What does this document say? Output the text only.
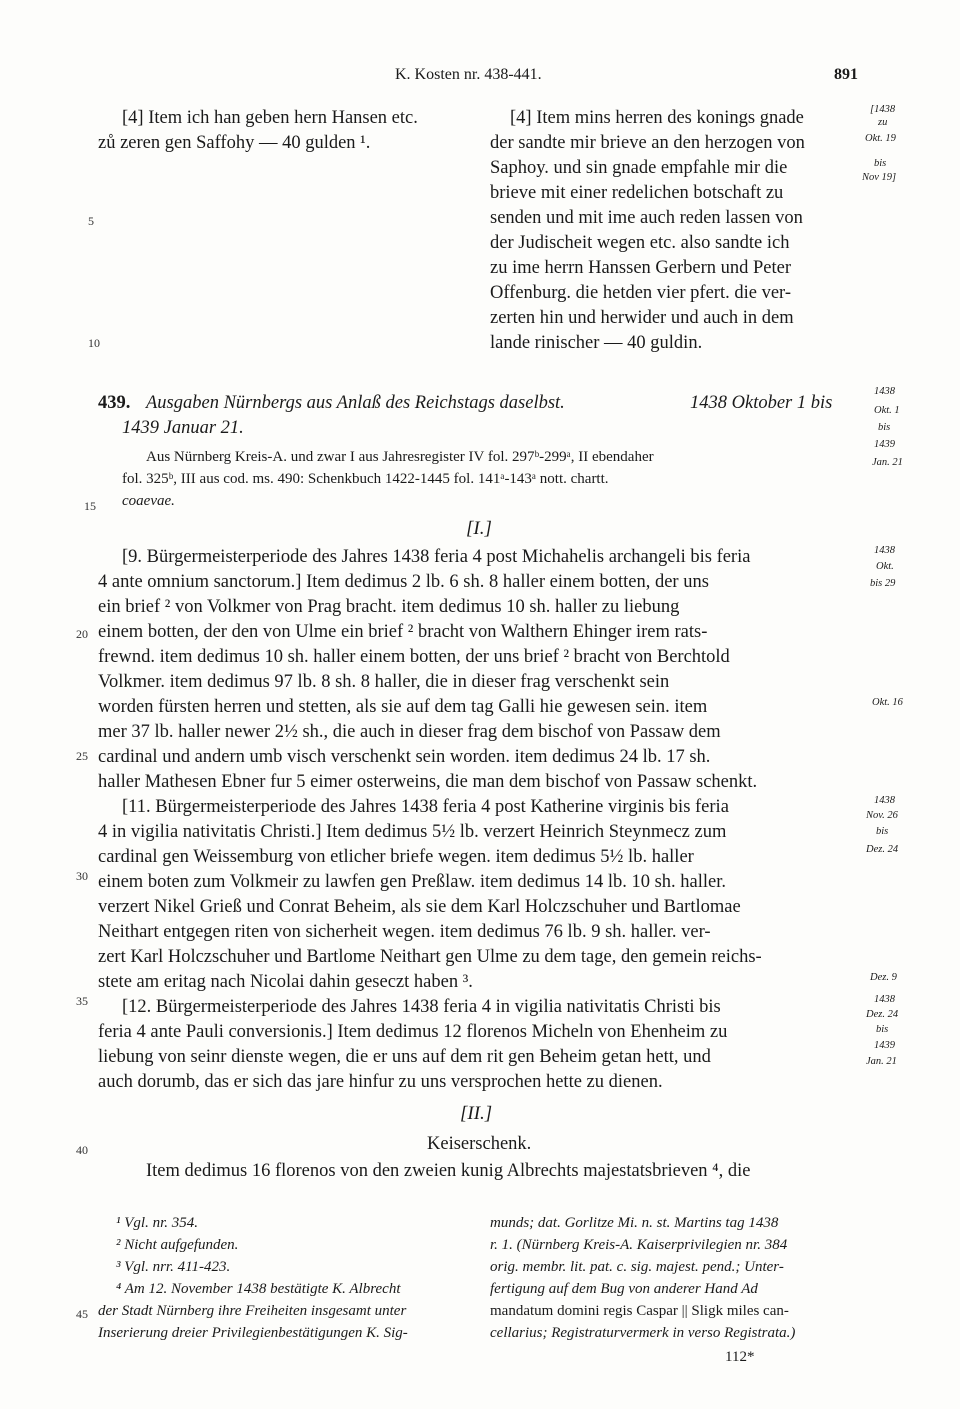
K. Kosten nr. 438-441.	891
5
10
15
20
25
30
35
40
45
[4] Item ich han geben hern Hansen etc.
zů zeren gen Saffohy — 40 gulden ¹.
[4] Item mins herren des konings gnade
der sandte mir brieve an den herzogen von
Saphoy. und sin gnade empfahle mir die
brieve mit einer redelichen botschaft zu
senden und mit ime auch reden lassen von
der Judischeit wegen etc. also sandte ich
zu ime herrn Hanssen Gerbern und Peter
Offenburg. die hetden vier pfert. die ver-
zerten hin und herwider und auch in dem
lande rinischer — 40 guldin.
[1438
zu
Okt. 19
bis
Nov 19]
439. Ausgaben Nürnbergs aus Anlaß des Reichstags daselbst.	1438 Oktober 1 bis
1439 Januar 21.
1438
Okt. 1
bis
1439
Jan. 21
Aus Nürnberg Kreis-A. und zwar I aus Jahresregister IV fol. 297ᵇ-299ᵃ, II ebendaher
fol. 325ᵇ, III aus cod. ms. 490: Schenkbuch 1422-1445 fol. 141ᵃ-143ᵃ nott. chartt.
coaevae.
[I.]
[9. Bürgermeisterperiode des Jahres 1438 feria 4 post Michahelis archangeli bis feria
4 ante omnium sanctorum.] Item dedimus 2 lb. 6 sh. 8 haller einem botten, der uns
ein brief ² von Volkmer von Prag bracht. item dedimus 10 sh. haller zu liebung
einem botten, der den von Ulme ein brief ² bracht von Walthern Ehinger irem rats-
frewnd. item dedimus 10 sh. haller einem botten, der uns brief ² bracht von Berchtold
Volkmer. item dedimus 97 lb. 8 sh. 8 haller, die in dieser frag verschenkt sein
worden fürsten herren und stetten, als sie auf dem tag Galli hie gewesen sein. item
mer 37 lb. haller newer 2½ sh., die auch in dieser frag dem bischof von Passaw dem
cardinal und andern umb visch verschenkt sein worden. item dedimus 24 lb. 17 sh.
haller Mathesen Ebner fur 5 eimer osterweins, die man dem bischof von Passaw schenkt.
[11. Bürgermeisterperiode des Jahres 1438 feria 4 post Katherine virginis bis feria
4 in vigilia nativitatis Christi.] Item dedimus 5½ lb. verzert Heinrich Steynmecz zum
cardinal gen Weissemburg von etlicher briefe wegen. item dedimus 5½ lb. haller
einem boten zum Volkmeir zu lawfen gen Preßlaw. item dedimus 14 lb. 10 sh. haller.
verzert Nikel Grieß und Conrat Beheim, als sie dem Karl Holczschuher und Bartlomae
Neithart entgegen riten von sicherheit wegen. item dedimus 76 lb. 9 sh. haller. ver-
zert Karl Holczschuher und Bartlome Neithart gen Ulme zu dem tage, den gemein reichs-
stete am eritag nach Nicolai dahin geseczt haben ³.
[12. Bürgermeisterperiode des Jahres 1438 feria 4 in vigilia nativitatis Christi bis
feria 4 ante Pauli conversionis.] Item dedimus 12 florenos Micheln von Ehenheim zu
liebung von seinr dienste wegen, die er uns auf dem rit gen Beheim getan hett, und
auch dorumb, das er sich das jare hinfur zu uns versprochen hette zu dienen.
1438
Okt.
bis 29
Okt. 16
1438
Nov. 26
bis
Dez. 24
Dez. 9
1438
Dez. 24
bis
1439
Jan. 21
[II.]
Keiserschenk.
Item dedimus 16 florenos von den zweien kunig Albrechts majestatsbrieven ⁴, die
¹ Vgl. nr. 354.
² Nicht aufgefunden.
³ Vgl. nrr. 411-423.
⁴ Am 12. November 1438 bestätigte K. Albrecht
der Stadt Nürnberg ihre Freiheiten insgesamt unter
Inserierung dreier Privilegienbestätigungen K. Sig-
munds; dat. Gorlitze Mi. n. st. Martins tag 1438
r. 1. (Nürnberg Kreis-A. Kaiserprivilegien nr. 384
orig. membr. lit. pat. c. sig. majest. pend.; Unter-
fertigung auf dem Bug von anderer Hand Ad
mandatum domini regis Caspar || Sligk miles can-
cellarius; Registraturvermerk in verso Registrata.)
112*
